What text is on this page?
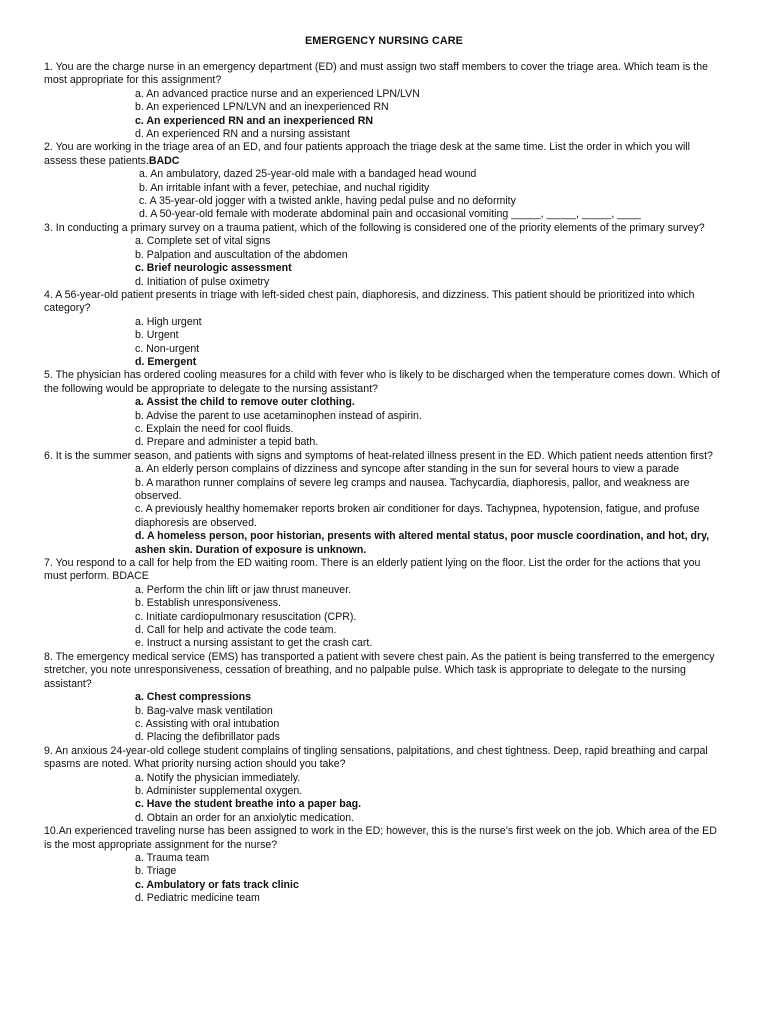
EMERGENCY NURSING CARE

1. You are the charge nurse in an emergency department (ED) and must assign two staff members to cover the triage area. Which team is the most appropriate for this assignment?

a. An advanced practice nurse and an experienced LPN/LVN
b. An experienced LPN/LVN and an inexperienced RN
c. An experienced RN and an inexperienced RN
d. An experienced RN and a nursing assistant

2. You are working in the triage area of an ED, and four patients approach the triage desk at the same time. List the order in which you will assess these patients.BADC

a. An ambulatory, dazed 25-year-old male with a bandaged head wound
b. An irritable infant with a fever, petechiae, and nuchal rigidity
c. A 35-year-old jogger with a twisted ankle, having pedal pulse and no deformity
d. A 50-year-old female with moderate abdominal pain and occasional vomiting _____, _____, _____, ____

3. In conducting a primary survey on a trauma patient, which of the following is considered one of the priority elements of the primary survey?

a. Complete set of vital signs
b. Palpation and auscultation of the abdomen
c. Brief neurologic assessment
d. Initiation of pulse oximetry

4. A 56-year-old patient presents in triage with left-sided chest pain, diaphoresis, and dizziness. This patient should be prioritized into which category?

a. High urgent
b. Urgent
c. Non-urgent
d. Emergent

5. The physician has ordered cooling measures for a child with fever who is likely to be discharged when the temperature comes down. Which of the following would be appropriate to delegate to the nursing assistant?

a. Assist the child to remove outer clothing.
b. Advise the parent to use acetaminophen instead of aspirin.
c. Explain the need for cool fluids.
d. Prepare and administer a tepid bath.

6. It is the summer season, and patients with signs and symptoms of heat-related illness present in the ED. Which patient needs attention first?

a. An elderly person complains of dizziness and syncope after standing in the sun for several hours to view a parade
b. A marathon runner complains of severe leg cramps and nausea. Tachycardia, diaphoresis, pallor, and weakness are observed.
c. A previously healthy homemaker reports broken air conditioner for days. Tachypnea, hypotension, fatigue, and profuse diaphoresis are observed.
d. A homeless person, poor historian, presents with altered mental status, poor muscle coordination, and hot, dry, ashen skin. Duration of exposure is unknown.

7. You respond to a call for help from the ED waiting room. There is an elderly patient lying on the floor. List the order for the actions that you must perform. BDACE

a. Perform the chin lift or jaw thrust maneuver.
b. Establish unresponsiveness.
c. Initiate cardiopulmonary resuscitation (CPR).
d. Call for help and activate the code team.
e. Instruct a nursing assistant to get the crash cart.

8. The emergency medical service (EMS) has transported a patient with severe chest pain. As the patient is being transferred to the emergency stretcher, you note unresponsiveness, cessation of breathing, and no palpable pulse. Which task is appropriate to delegate to the nursing assistant?

a. Chest compressions
b. Bag-valve mask ventilation
c. Assisting with oral intubation
d. Placing the defibrillator pads

9. An anxious 24-year-old college student complains of tingling sensations, palpitations, and chest tightness. Deep, rapid breathing and carpal spasms are noted. What priority nursing action should you take?

a. Notify the physician immediately.
b. Administer supplemental oxygen.
c. Have the student breathe into a paper bag.
d. Obtain an order for an anxiolytic medication.

10.An experienced traveling nurse has been assigned to work in the ED; however, this is the nurse’s first week on the job. Which area of the ED is the most appropriate assignment for the nurse?

a. Trauma team
b. Triage
c. Ambulatory or fats track clinic
d. Pediatric medicine team
